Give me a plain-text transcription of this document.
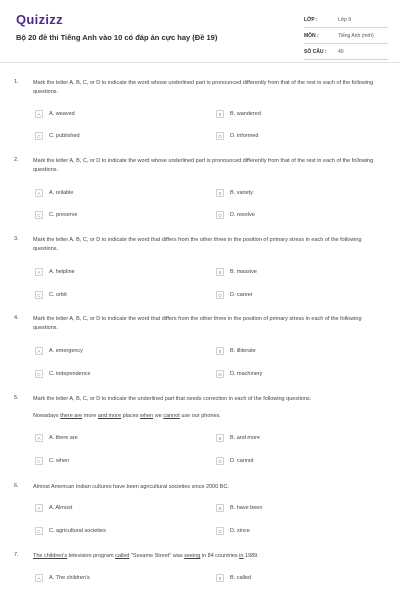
Quizizz
Bộ 20 đề thi Tiếng Anh vào 10 có đáp án cực hay (Đề 19)
LỚP :	Lớp 9
MÔN :	Tiếng Anh (mới)
SỐ CÂU :	40
1.	Mark the letter A, B, C, or D to indicate the word whose underlined part is pronounced differently from that of the rest in each of the following questions.
A	A. weaved	B	B. wandered
C	C. published	D	D. informed
2.	Mark the letter A, B, C, or D to indicate the word whose underlined part is pronounced differently from that of the rest in each of the following questions.
A	A. reliable	B	B. variety
C	C. preserve	D	D. resolve
3.	Mark the letter A, B, C, or D to indicate the word that differs from the other three in the position of primary stress in each of the following questions.
A	A. helpline	B	B. massive
C	C. orbit	D	D. career
4.	Mark the letter A, B, C, or D to indicate the word that differs from the other three in the position of primary stress in each of the following questions.
A	A. emergency	B	B. illiterate
C	C. independence	D	D. machinery
5.	Mark the letter A, B, C, or D to indicate the underlined part that needs correction in each of the following questions.
Nowadays there are more and more places when we cannot use our phones.
A	A. there are	B	B. and more
C	C. when	D	D. cannot
6.	Almost American Indian cultures have been agricultural societies since 2000 BC.
A	A. Almost	B	B. have been
C	C. agricultural societies	D	D. since
7.	The children's television program called "Sesame Street" was seeing in 84 countries in 1989.
A	A. The children's	B	B. called
